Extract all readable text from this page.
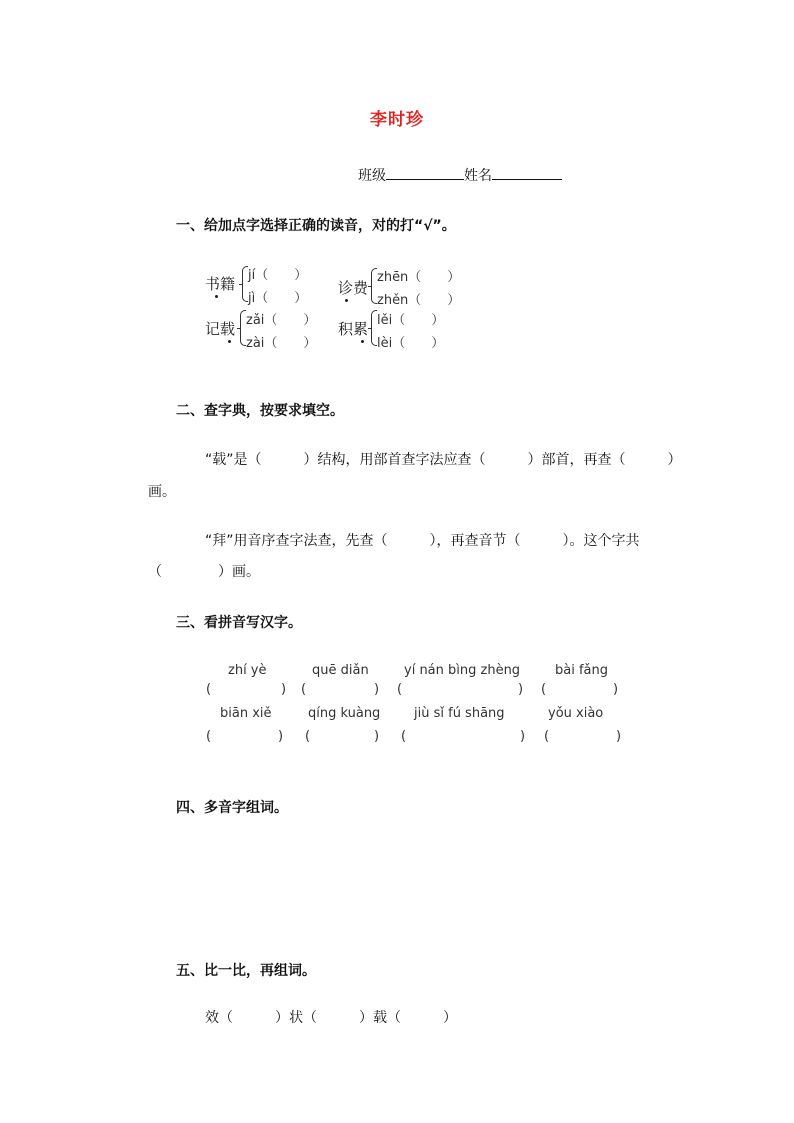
李时珍
班级	姓名
一、给加点字选择正确的读音，对的打“√”。
书籍 jí（　　）
jì（　　）
诊费
zhēn（　　）
zhěn（　　）
记载 zǎi（　　）
zài（　　）
积累 lěi（　　）
lèi（　　）
二、查字典，按要求填空。
“载”是（　　　）结构，用部首查字法应查（　　　）部首，再查（　　　）
画。
“拜”用音序查字法查，先查（　　　），再查音节（　　　）。这个字共
（　　　　）画。
三、看拼音写汉字。
zhí yè	quē diǎn	yí nán bìng zhèng	bài fǎng
(	) (	) (	) (	)
biān xiě	qíng kuàng	jiù sǐ fú shāng	yǒu xiào
(	) (	) (	) (	)
四、多音字组词。
五、比一比，再组词。
效（　　　）状（　　　）载（　　　）
